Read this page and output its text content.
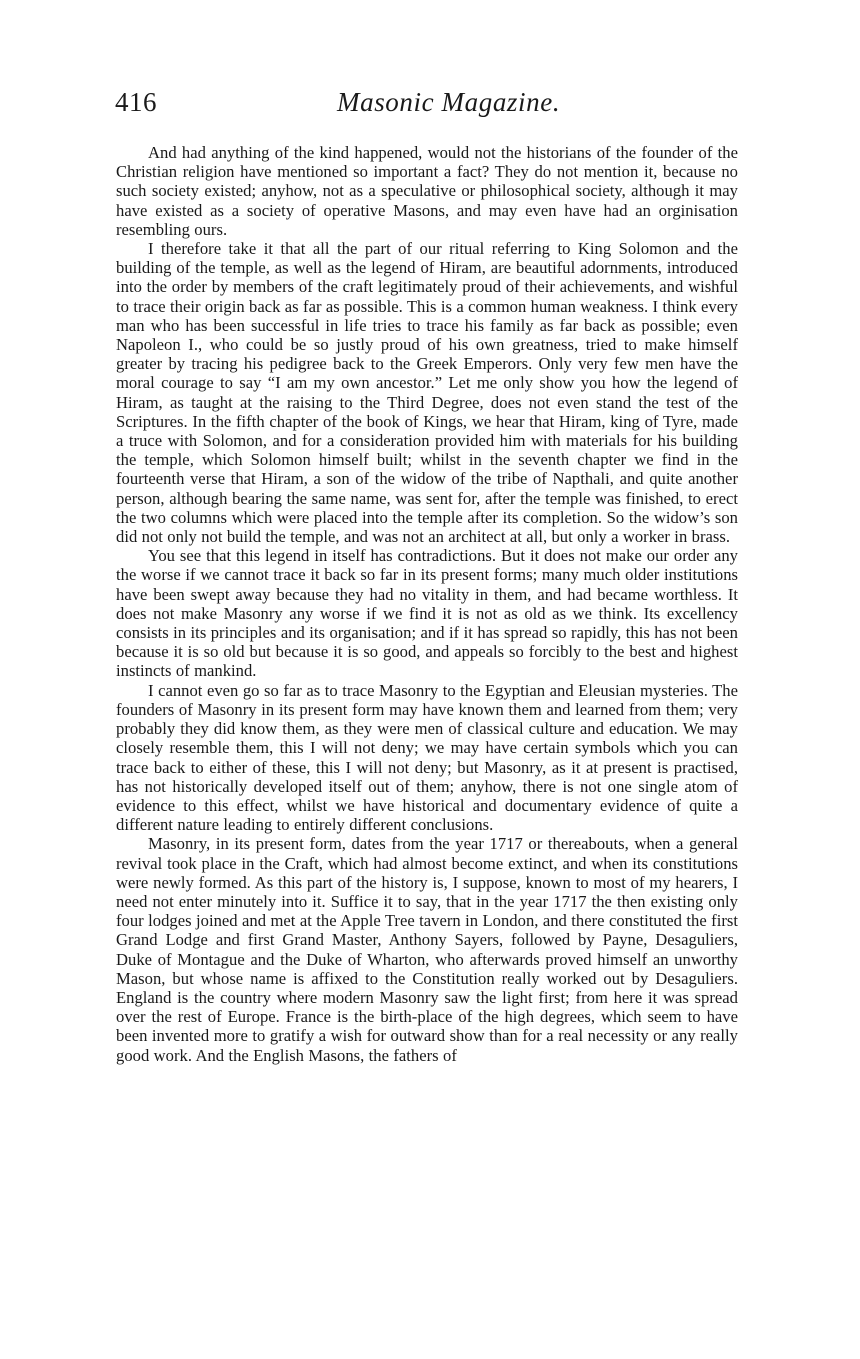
416	Masonic Magazine.

And had anything of the kind happened, would not the historians of the founder of the Christian religion have mentioned so important a fact? They do not mention it, because no such society existed; anyhow, not as a speculative or philosophical society, although it may have existed as a society of operative Masons, and may even have had an orginisation resembling ours.

I therefore take it that all the part of our ritual referring to King Solomon and the building of the temple, as well as the legend of Hiram, are beautiful adornments, introduced into the order by members of the craft legitimately proud of their achievements, and wishful to trace their origin back as far as possible. This is a common human weakness. I think every man who has been successful in life tries to trace his family as far back as possible; even Napoleon I., who could be so justly proud of his own greatness, tried to make himself greater by tracing his pedigree back to the Greek Emperors. Only very few men have the moral courage to say “I am my own ancestor.” Let me only show you how the legend of Hiram, as taught at the raising to the Third Degree, does not even stand the test of the Scriptures. In the fifth chapter of the book of Kings, we hear that Hiram, king of Tyre, made a truce with Solomon, and for a consideration provided him with materials for his building the temple, which Solomon himself built; whilst in the seventh chapter we find in the fourteenth verse that Hiram, a son of the widow of the tribe of Napthali, and quite another person, although bearing the same name, was sent for, after the temple was finished, to erect the two columns which were placed into the temple after its completion. So the widow’s son did not only not build the temple, and was not an architect at all, but only a worker in brass.

You see that this legend in itself has contradictions. But it does not make our order any the worse if we cannot trace it back so far in its present forms; many much older institutions have been swept away because they had no vitality in them, and had became worthless. It does not make Masonry any worse if we find it is not as old as we think. Its excellency consists in its principles and its organisation; and if it has spread so rapidly, this has not been because it is so old but because it is so good, and appeals so forcibly to the best and highest instincts of mankind.

I cannot even go so far as to trace Masonry to the Egyptian and Eleusian mysteries. The founders of Masonry in its present form may have known them and learned from them; very probably they did know them, as they were men of classical culture and education. We may closely resemble them, this I will not deny; we may have certain symbols which you can trace back to either of these, this I will not deny; but Masonry, as it at present is practised, has not historically developed itself out of them; anyhow, there is not one single atom of evidence to this effect, whilst we have historical and documentary evidence of quite a different nature leading to entirely different conclusions.

Masonry, in its present form, dates from the year 1717 or thereabouts, when a general revival took place in the Craft, which had almost become extinct, and when its constitutions were newly formed. As this part of the history is, I suppose, known to most of my hearers, I need not enter minutely into it. Suffice it to say, that in the year 1717 the then existing only four lodges joined and met at the Apple Tree tavern in London, and there constituted the first Grand Lodge and first Grand Master, Anthony Sayers, followed by Payne, Desaguliers, Duke of Montague and the Duke of Wharton, who afterwards proved himself an unworthy Mason, but whose name is affixed to the Constitution really worked out by Desaguliers. England is the country where modern Masonry saw the light first; from here it was spread over the rest of Europe. France is the birth-place of the high degrees, which seem to have been invented more to gratify a wish for outward show than for a real necessity or any really good work. And the English Masons, the fathers of
